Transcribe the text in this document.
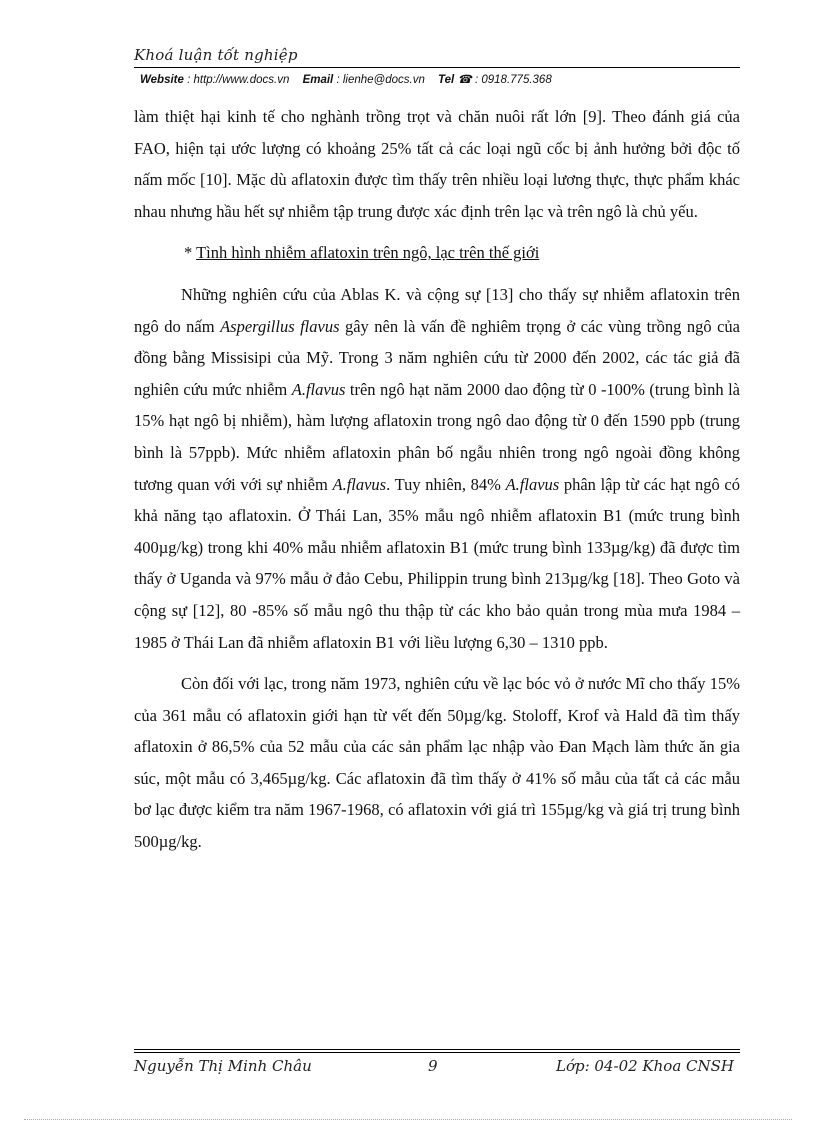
Khoá luận tốt nghiệp
Website : http://www.docs.vn Email : lienhe@docs.vn Tel ☎ : 0918.775.368

làm thiệt hại kinh tế cho nghành trồng trọt và chăn nuôi rất lớn [9]. Theo đánh giá của FAO, hiện tại ước lượng có khoảng 25% tất cả các loại ngũ cốc bị ảnh hưởng bởi độc tố nấm mốc [10]. Mặc dù aflatoxin được tìm thấy trên nhiều loại lương thực, thực phẩm khác nhau nhưng hầu hết sự nhiễm tập trung được xác định trên lạc và trên ngô là chủ yếu.

* Tình hình nhiễm aflatoxin trên ngô, lạc trên thế giới

Những nghiên cứu của Ablas K. và cộng sự [13] cho thấy sự nhiễm aflatoxin trên ngô do nấm Aspergillus flavus gây nên là vấn đề nghiêm trọng ở các vùng trồng ngô của đồng bằng Missisipi của Mỹ. Trong 3 năm nghiên cứu từ 2000 đến 2002, các tác giả đã nghiên cứu mức nhiễm A.flavus trên ngô hạt năm 2000 dao động từ 0 -100% (trung bình là 15% hạt ngô bị nhiễm), hàm lượng aflatoxin trong ngô dao động từ 0 đến 1590 ppb (trung bình là 57ppb). Mức nhiễm aflatoxin phân bố ngẫu nhiên trong ngô ngoài đồng không tương quan với với sự nhiễm A.flavus. Tuy nhiên, 84% A.flavus phân lập từ các hạt ngô có khả năng tạo aflatoxin. Ở Thái Lan, 35% mẫu ngô nhiễm aflatoxin B1 (mức trung bình 400µg/kg) trong khi 40% mẫu nhiễm aflatoxin B1 (mức trung bình 133µg/kg) đã được tìm thấy ở Uganda và 97% mẫu ở đảo Cebu, Philippin trung bình 213µg/kg [18]. Theo Goto và cộng sự [12], 80 -85% số mẫu ngô thu thập từ các kho bảo quản trong mùa mưa 1984 – 1985 ở Thái Lan đã nhiễm aflatoxin B1 với liều lượng 6,30 – 1310 ppb.

Còn đối với lạc, trong năm 1973, nghiên cứu về lạc bóc vỏ ở nước Mĩ cho thấy 15% của 361 mẫu có aflatoxin giới hạn từ vết đến 50µg/kg. Stoloff, Krof và Hald đã tìm thấy aflatoxin ở 86,5% của 52 mẫu của các sản phẩm lạc nhập vào Đan Mạch làm thức ăn gia súc, một mẫu có 3,465µg/kg. Các aflatoxin đã tìm thấy ở 41% số mẫu của tất cả các mẫu bơ lạc được kiểm tra năm 1967-1968, có aflatoxin với giá trì 155µg/kg và giá trị trung bình 500µg/kg.

Nguyễn Thị Minh Châu	9	Lớp: 04-02 Khoa CNSH
